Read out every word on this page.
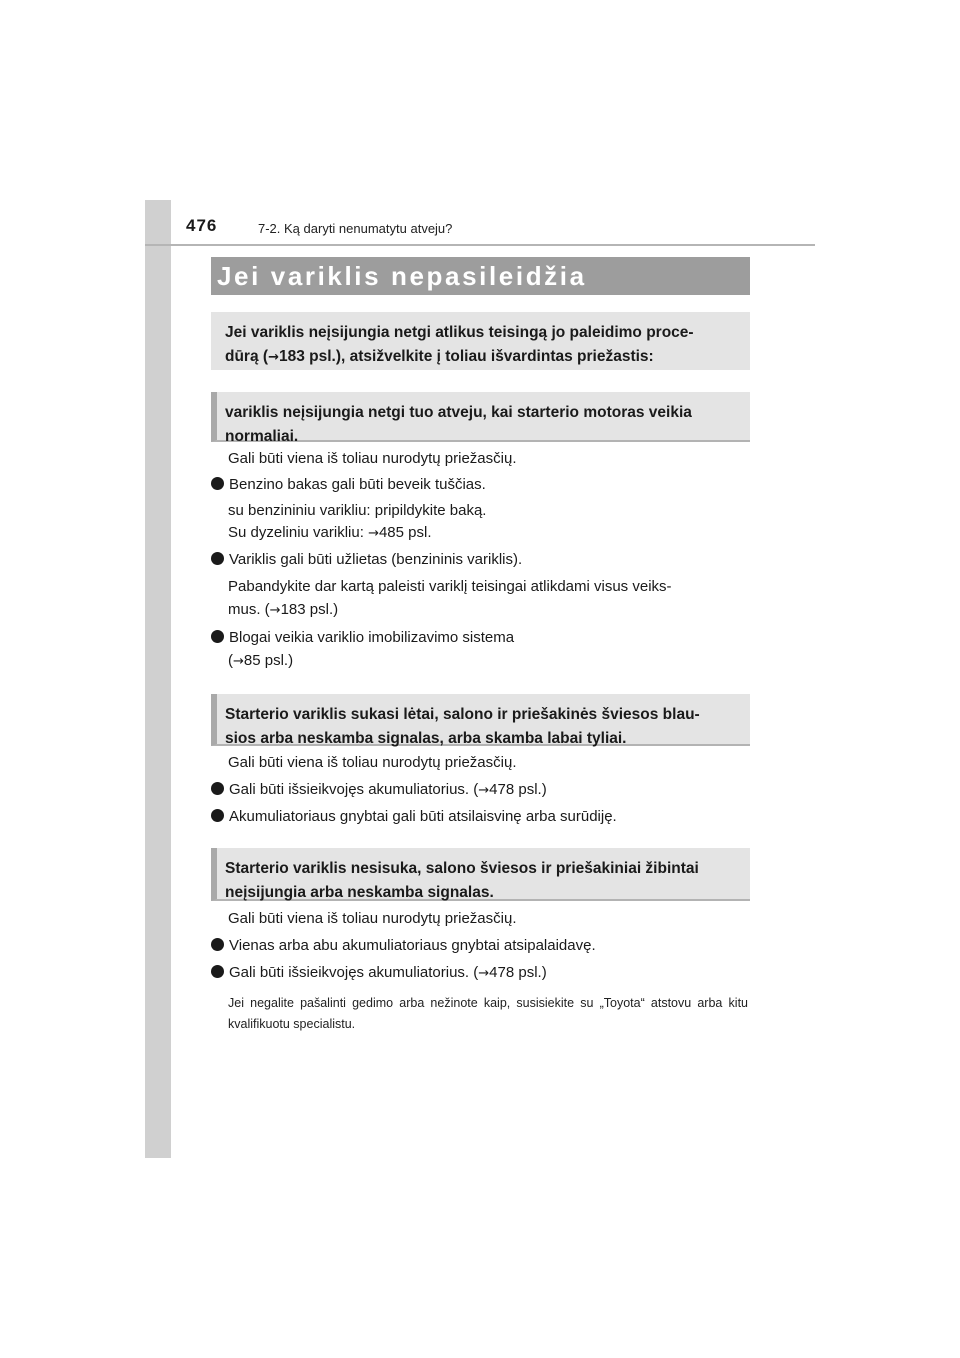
476	7-2. Ką daryti nenumatytu atveju?
Jei variklis nepasileidžia
Jei variklis neįsijungia netgi atlikus teisingą jo paleidimo proce-
dūrą (→183 psl.), atsižvelkite į toliau išvardintas priežastis:
variklis neįsijungia netgi tuo atveju, kai starterio motoras veikia
normaliai.
Gali būti viena iš toliau nurodytų priežasčių.
Benzino bakas gali būti beveik tuščias.
su benzininiu varikliu: pripildykite baką.
Su dyzeliniu varikliu: →485 psl.
Variklis gali būti užlietas (benzininis variklis).
Pabandykite dar kartą paleisti variklį teisingai atlikdami visus veiks-
mus. (→183 psl.)
Blogai veikia variklio imobilizavimo sistema
(→85 psl.)
Starterio variklis sukasi lėtai, salono ir priešakinės šviesos blau-
sios arba neskamba signalas, arba skamba labai tyliai.
Gali būti viena iš toliau nurodytų priežasčių.
Gali būti išsieikvojęs akumuliatorius. (→478 psl.)
Akumuliatoriaus gnybtai gali būti atsilaisvinę arba surūdiję.
Starterio variklis nesisuka, salono šviesos ir priešakiniai žibintai
neįsijungia arba neskamba signalas.
Gali būti viena iš toliau nurodytų priežasčių.
Vienas arba abu akumuliatoriaus gnybtai atsipalaidavę.
Gali būti išsieikvojęs akumuliatorius. (→478 psl.)
Jei negalite pašalinti gedimo arba nežinote kaip, susisiekite su „Toyota“ atstovu arba kitu kvalifikuotu specialistu.
